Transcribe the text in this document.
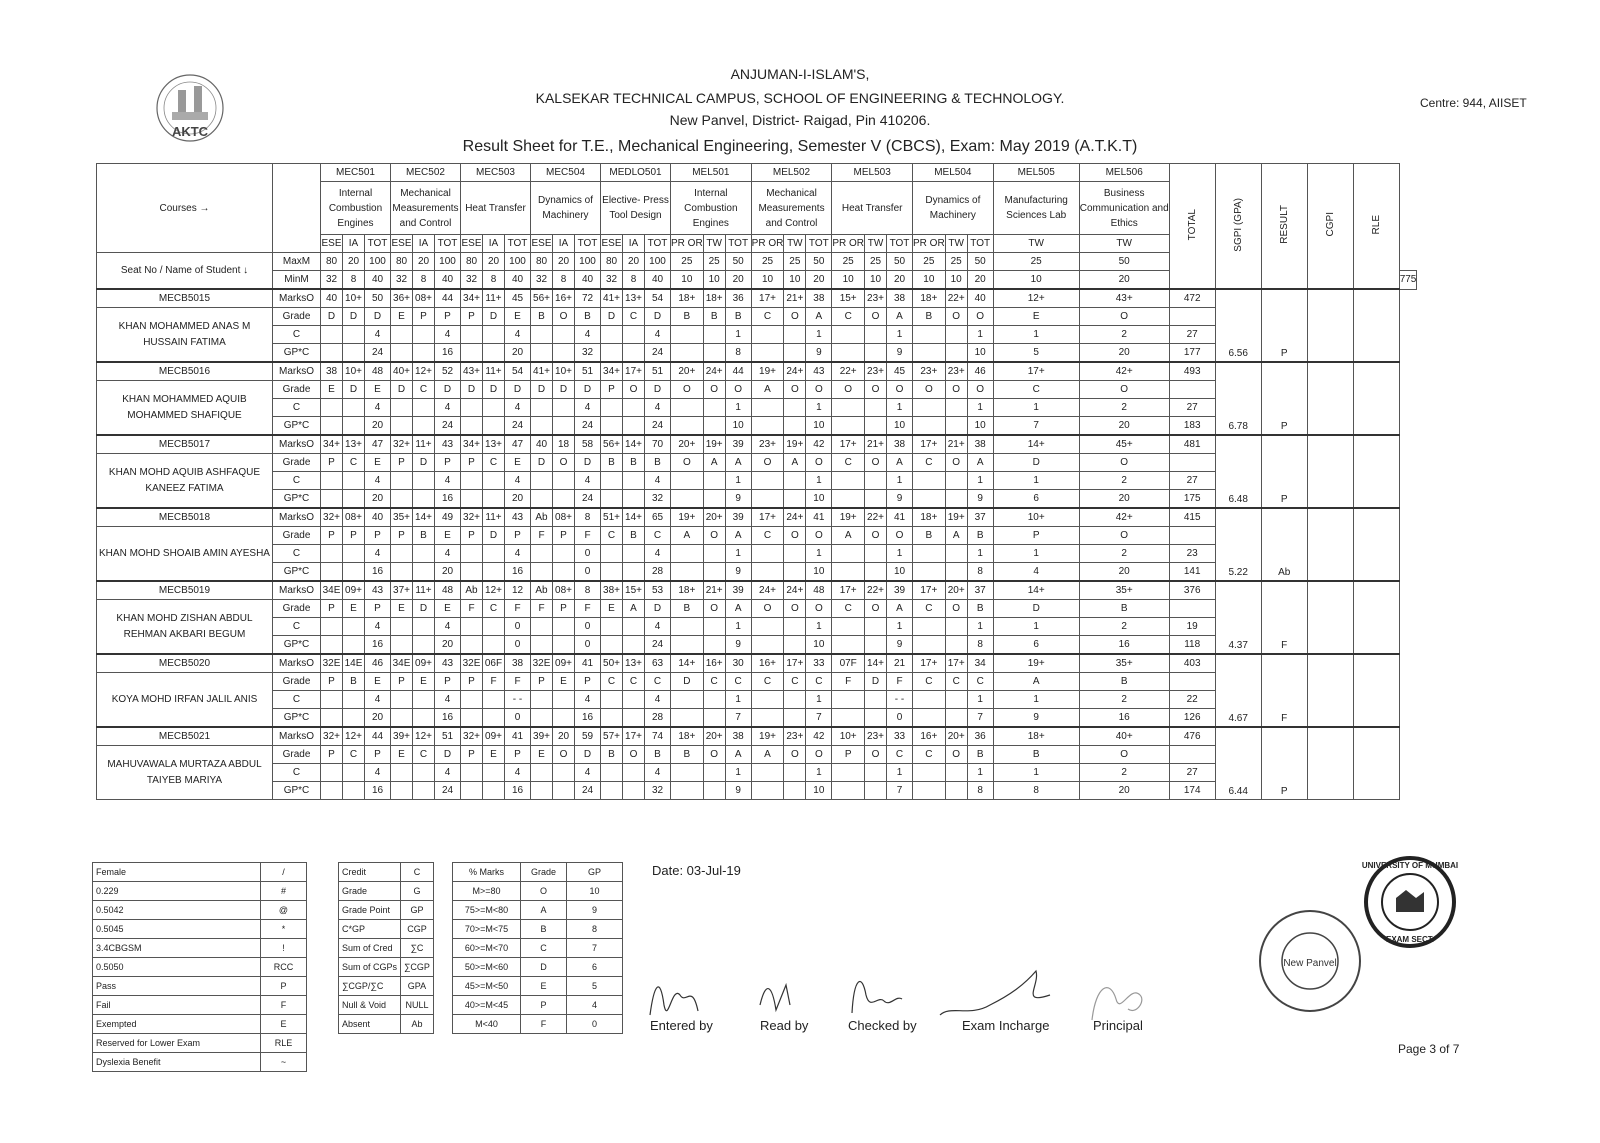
AKTC
ANJUMAN-I-ISLAM'S,
KALSEKAR TECHNICAL CAMPUS, SCHOOL OF ENGINEERING & TECHNOLOGY.
New Panvel, District- Raigad, Pin 410206.
Centre: 944, AIISET
Result Sheet for T.E., Mechanical Engineering, Semester V (CBCS), Exam: May 2019 (A.T.K.T)
Courses →		MEC501			MEC502			MEC503			MEC504			MEDLO501			MEL501			MEL502			MEL503			MEL504			MEL505	MEL506	TOTAL	SGPI (GPA)	RESULT	CGPI	RLE	
		Internal Combustion Engines			Mechanical Measurements and Control			Heat Transfer			Dynamics of Machinery			Elective- Press Tool Design			Internal Combustion Engines			Mechanical Measurements and Control			Heat Transfer			Dynamics of Machinery			Manufacturing Sciences Lab	Business Communication and Ethics						
		ESE	IA	TOT	ESE	IA	TOT	ESE	IA	TOT	ESE	IA	TOT	ESE	IA	TOT	PR OR	TW	TOT	PR OR	TW	TOT	PR OR	TW	TOT	PR OR	TW	TOT	TW	TW						
Seat No / Name of Student ↓	MaxM	80	20	100	80	20	100	80	20	100	80	20	100	80	20	100	25	25	50	25	25	50	25	25	50	25	25	50	25	50						
	MinM	32	8	40	32	8	40	32	8	40	32	8	40	32	8	40	10	10	20	10	10	20	10	10	20	10	10	20	10	20						775
MECB5015	MarksO	40	10+	50	36+	08+	44	34+	11+	45	56+	16+	72	41+	13+	54	18+	18+	36	17+	21+	38	15+	23+	38	18+	22+	40	12+	43+	472	6.56	P			
KHAN MOHAMMED ANAS M HUSSAIN FATIMA	Grade	D	D	D	E	P	P	P	D	E	B	O	B	D	C	D	B	B	B	C	O	A	C	O	A	B	O	O	E	O						
	C			4			4			4			4			4			1			1			1			1	1	2	27					
	GP*C			24			16			20			32			24			8			9			9			10	5	20	177					
MECB5016	MarksO	38	10+	48	40+	12+	52	43+	11+	54	41+	10+	51	34+	17+	51	20+	24+	44	19+	24+	43	22+	23+	45	23+	23+	46	17+	42+	493	6.78	P			
KHAN MOHAMMED AQUIB MOHAMMED SHAFIQUE	Grade	E	D	E	D	C	D	D	D	D	D	D	D	P	O	D	O	O	O	A	O	O	O	O	O	O	O	O	C	O						
	C			4			4			4			4			4			1			1			1			1	1	2	27					
	GP*C			20			24			24			24			24			10			10			10			10	7	20	183					
MECB5017	MarksO	34+	13+	47	32+	11+	43	34+	13+	47	40	18	58	56+	14+	70	20+	19+	39	23+	19+	42	17+	21+	38	17+	21+	38	14+	45+	481	6.48	P			
KHAN MOHD AQUIB ASHFAQUE KANEEZ FATIMA	Grade	P	C	E	P	D	P	P	C	E	D	O	D	B	B	B	O	A	A	O	A	O	C	O	A	C	O	A	D	O						
	C			4			4			4			4			4			1			1			1			1	1	2	27					
	GP*C			20			16			20			24			32			9			10			9			9	6	20	175					
MECB5018	MarksO	32+	08+	40	35+	14+	49	32+	11+	43	Ab	08+	8	51+	14+	65	19+	20+	39	17+	24+	41	19+	22+	41	18+	19+	37	10+	42+	415	5.22	Ab			
KHAN MOHD SHOAIB AMIN AYESHA	Grade	P	P	P	P	B	E	P	D	P	F	P	F	C	B	C	A	O	A	C	O	O	A	O	O	B	A	B	P	O						
	C			4			4			4			0			4			1			1			1			1	1	2	23					
	GP*C			16			20			16			0			28			9			10			10			8	4	20	141					
MECB5019	MarksO	34E	09+	43	37+	11+	48	Ab	12+	12	Ab	08+	8	38+	15+	53	18+	21+	39	24+	24+	48	17+	22+	39	17+	20+	37	14+	35+	376	4.37	F			
KHAN MOHD ZISHAN ABDUL REHMAN AKBARI BEGUM	Grade	P	E	P	E	D	E	F	C	F	F	P	F	E	A	D	B	O	A	O	O	O	C	O	A	C	O	B	D	B						
	C			4			4			0			0			4			1			1			1			1	1	2	19					
	GP*C			16			20			0			0			24			9			10			9			8	6	16	118					
MECB5020	MarksO	32E	14E	46	34E	09+	43	32E	06F	38	32E	09+	41	50+	13+	63	14+	16+	30	16+	17+	33	07F	14+	21	17+	17+	34	19+	35+	403	4.67	F			
KOYA MOHD IRFAN JALIL ANIS	Grade	P	B	E	P	E	P	P	F	F	P	E	P	C	C	C	D	C	C	C	C	C	F	D	F	C	C	C	A	B						
	C			4			4			- -			4			4			1			1			- -			1	1	2	22					
	GP*C			20			16			0			16			28			7			7			0			7	9	16	126					
MECB5021	MarksO	32+	12+	44	39+	12+	51	32+	09+	41	39+	20	59	57+	17+	74	18+	20+	38	19+	23+	42	10+	23+	33	16+	20+	36	18+	40+	476	6.44	P			
MAHUVAWALA MURTAZA ABDUL TAIYEB MARIYA	Grade	P	C	P	E	C	D	P	E	P	E	O	D	B	O	B	B	O	A	A	O	O	P	O	C	C	O	B	B	O						
	C			4			4			4			4			4			1			1			1			1	1	2	27					
	GP*C			16			24			16			24			32			9			10			7			8	8	20	174					
Female	/
0.229	#
0.5042	@
0.5045	*
3.4CBGSM	!
0.5050	RCC
Pass	P
Fail	F
Exempted	E
Reserved for Lower Exam	RLE
Dyslexia Benefit	~
Credit	C
Grade	G
Grade Point	GP
C*GP	CGP
Sum of Cred	∑C
Sum of CGPs	∑CGP
∑CGP/∑C	GPA
Null & Void	NULL
Absent	Ab
% Marks	Grade	GP
M>=80	O	10
75>=M<80	A	9
70>=M<75	B	8
60>=M<70	C	7
50>=M<60	D	6
45>=M<50	E	5
40>=M<45	P	4
M<40	F	0
Date: 03-Jul-19
New Panvel
UNIVERSITY OF MUMBAI
EXAM SECT.
Page 3 of 7
Entered by	Read by	Checked by	Exam Incharge	Principal
